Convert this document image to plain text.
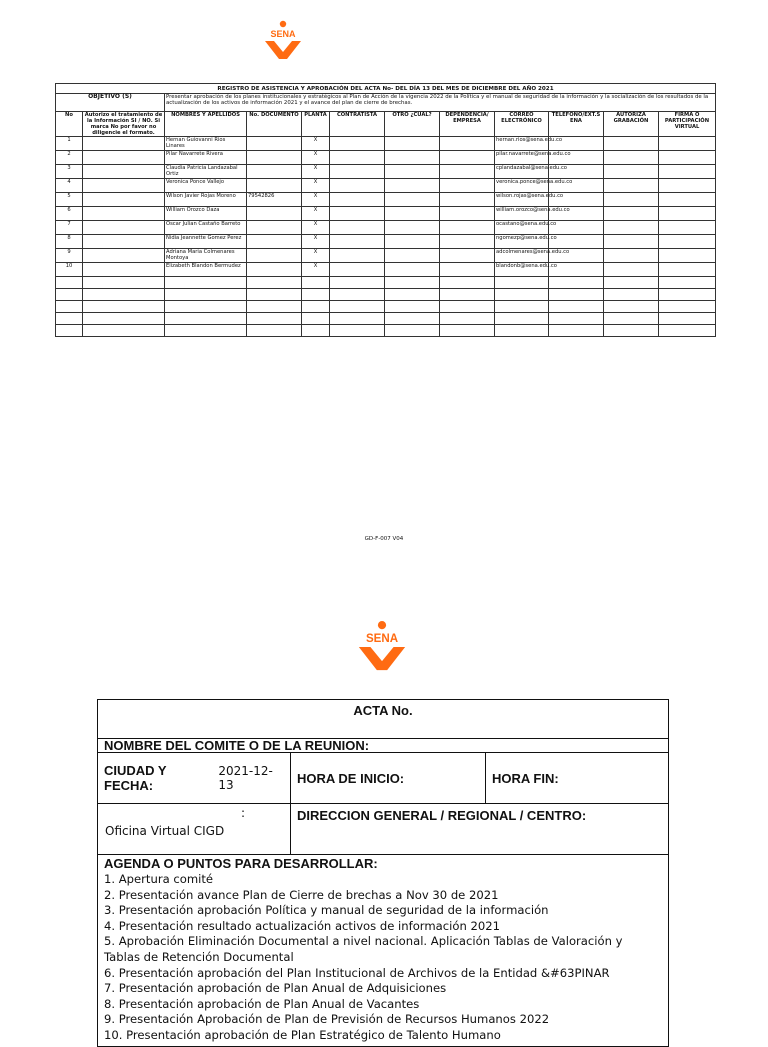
SENA
REGISTRO DE ASISTENCIA Y APROBACIÓN DEL ACTA No- DEL DÍA 13 DEL MES DE DICIEMBRE DEL AÑO 2021											
OBJETIVO (S)		Presentar aprobación de los planes institucionales y estratégicos al Plan de Acción de la vigencia 2022 de la Política y el manual de seguridad de la información y la socialización de los resultados de la actualización de los activos de información 2021 y el avance del plan de cierre de brechas.									
No	Autorizo el tratamiento de la Información SI / NO. Si marca No por favor no diligencie el formato.	NOMBRES Y APELLIDOS	No. DOCUMENTO	PLANTA	CONTRATISTA	OTRO ¿CUAL?	DEPENDENCIA/ EMPRESA	CORREO ELECTRÓNICO	TELEFONO/EXT.S ENA	AUTORIZA GRABACIÓN	FIRMA O PARTICIPACIÓN VIRTUAL
1		Hernan Guiovanni Rios Linares		X				hernan.rios@sena.edu.co			
2		Pilar Navarrete Rivera		X				pilar.navarrete@sena.edu.co			
3		Claudia Patricia Landazabal Ortiz		X				cplandazabal@sena.edu.co			
4		Veronica Ponce Vallejo		X				veronica.ponce@sena.edu.co			
5		Wilson Javier Rojas Moreno	79542826	X				wilson.rojas@sena.edu.co			
6		William Orozco Daza		X				william.orozco@sena.edu.co			
7		Oscar Julian Castaño Barreto		X				ocastano@sena.edu.co			
8		Nidia Jeannette Gomez Perez		X				ngomezp@sena.edu.co			
9		Adriana Maria Colmenares Montoya		X				adcolmenares@sena.edu.co			
10		Elizabeth Blandon Bermudez		X				blandonb@sena.edu.co			

GD-F-007 V04
SENA
ACTA No.
NOMBRE DEL COMITE O DE LA REUNION:
CIUDAD Y FECHA:
2021-12-13	HORA DE INICIO:	HORA FIN:
:
Oficina Virtual CIGD
DIRECCION GENERAL / REGIONAL / CENTRO:
AGENDA O PUNTOS PARA DESARROLLAR:
1. Apertura comité
2. Presentación avance Plan de Cierre de brechas a Nov 30 de 2021
3. Presentación aprobación Política y manual de seguridad de la información
4. Presentación resultado actualización activos de información 2021
5. Aprobación Eliminación Documental a nivel nacional. Aplicación Tablas de Valoración y Tablas de Retención Documental
6. Presentación aprobación del Plan Institucional de Archivos de la Entidad &#63PINAR
7. Presentación aprobación de Plan Anual de Adquisiciones
8. Presentación aprobación de Plan Anual de Vacantes
9. Presentación Aprobación de Plan de Previsión de Recursos Humanos 2022
10. Presentación aprobación de Plan Estratégico de Talento Humano
